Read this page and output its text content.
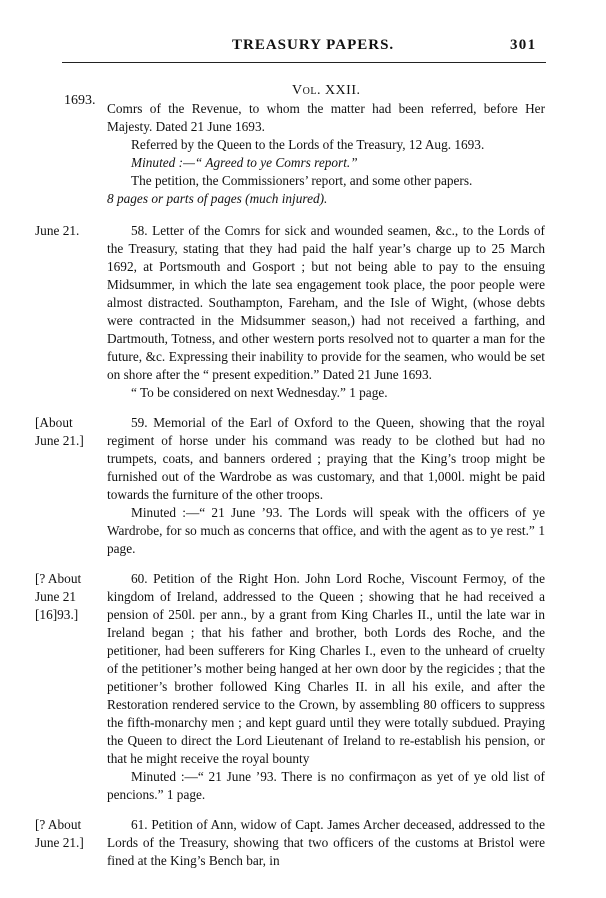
TREASURY PAPERS.	301
Vol. XXII.
1693.

Comrs of the Revenue, to whom the matter had been referred, before Her Majesty. Dated 21 June 1693.

Referred by the Queen to the Lords of the Treasury, 12 Aug. 1693.

Minuted :—“ Agreed to ye Comrs report.”

The petition, the Commissioners’ report, and some other papers.

8 pages or parts of pages (much injured).

June 21.	58. Letter of the Comrs for sick and wounded seamen, &c., to the Lords of the Treasury, stating that they had paid the half year’s charge up to 25 March 1692, at Portsmouth and Gosport ; but not being able to pay to the ensuing Midsummer, in which the late sea engagement took place, the poor people were almost distracted. Southampton, Fareham, and the Isle of Wight, (whose debts were contracted in the Midsummer season,) had not received a farthing, and Dartmouth, Totness, and other western ports resolved not to quarter a man for the future, &c. Expressing their inability to provide for the seamen, who would be set on shore after the “ present expedition.” Dated 21 June 1693.

“ To be considered on next Wednesday.” 1 page.

[About
June 21.]

59. Memorial of the Earl of Oxford to the Queen, showing that the royal regiment of horse under his command was ready to be clothed but had no trumpets, coats, and banners ordered ; praying that the King’s troop might be furnished out of the Wardrobe as was customary, and that 1,000l. might be paid towards the furniture of the other troops.

Minuted :—“ 21 June ’93. The Lords will speak with the officers of ye Wardrobe, for so much as concerns that office, and with the agent as to ye rest.” 1 page.

[? About
June 21
[16]93.]

60. Petition of the Right Hon. John Lord Roche, Viscount Fermoy, of the kingdom of Ireland, addressed to the Queen ; showing that he had received a pension of 250l. per ann., by a grant from King Charles II., until the late war in Ireland began ; that his father and brother, both Lords des Roche, and the petitioner, had been sufferers for King Charles I., even to the unheard of cruelty of the petitioner’s mother being hanged at her own door by the regicides ; that the petitioner’s brother followed King Charles II. in all his exile, and after the Restoration rendered service to the Crown, by assembling 80 officers to suppress the fifth-monarchy men ; and kept guard until they were totally subdued. Praying the Queen to direct the Lord Lieutenant of Ireland to re-establish his pension, or that he might receive the royal bounty

Minuted :—“ 21 June ’93. There is no confirmaçon as yet of ye old list of pencions.” 1 page.

[? About
June 21.]

61. Petition of Ann, widow of Capt. James Archer deceased, addressed to the Lords of the Treasury, showing that two officers of the customs at Bristol were fined at the King’s Bench bar, in
